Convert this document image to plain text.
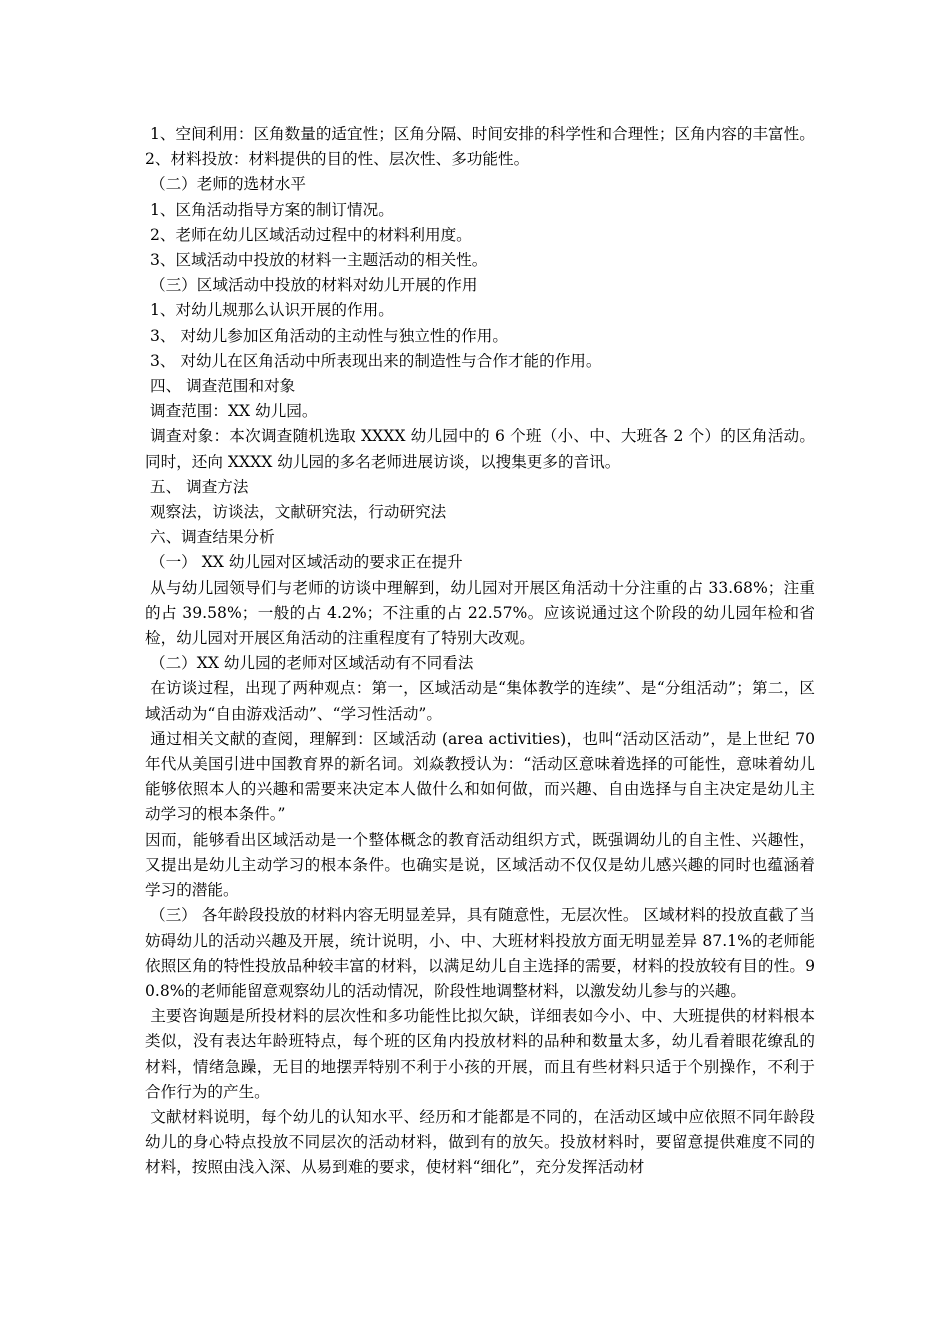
1、空间利用：区角数量的适宜性；区角分隔、时间安排的科学性和合理性；区角内容的丰富性。

2、材料投放：材料提供的目的性、层次性、多功能性。

（二）老师的选材水平

1、区角活动指导方案的制订情况。

2、老师在幼儿区域活动过程中的材料利用度。

3、区域活动中投放的材料一主题活动的相关性。

（三）区域活动中投放的材料对幼儿开展的作用

1、对幼儿规那么认识开展的作用。

3、 对幼儿参加区角活动的主动性与独立性的作用。

3、 对幼儿在区角活动中所表现出来的制造性与合作才能的作用。

四、 调查范围和对象

调查范围：XX 幼儿园。

调查对象：本次调查随机选取 XXXX 幼儿园中的 6 个班（小、中、大班各 2 个）的区角活动。同时，还向 XXXX 幼儿园的多名老师进展访谈，以搜集更多的音讯。

五、 调查方法

观察法，访谈法，文献研究法，行动研究法

六、调查结果分析

（一） XX 幼儿园对区域活动的要求正在提升

从与幼儿园领导们与老师的访谈中理解到，幼儿园对开展区角活动十分注重的占 33.68%；注重的占 39.58%；一般的占 4.2%；不注重的占 22.57%。应该说通过这个阶段的幼儿园年检和省检，幼儿园对开展区角活动的注重程度有了特别大改观。

（二）XX 幼儿园的老师对区域活动有不同看法

在访谈过程，出现了两种观点：第一，区域活动是“集体教学的连续”、是“分组活动”；第二，区域活动为“自由游戏活动”、“学习性活动”。

通过相关文献的查阅，理解到：区域活动 (area activities)，也叫“活动区活动”，是上世纪 70 年代从美国引进中国教育界的新名词。刘焱教授认为：“活动区意味着选择的可能性，意味着幼儿能够依照本人的兴趣和需要来决定本人做什么和如何做，而兴趣、自由选择与自主决定是幼儿主动学习的根本条件。”

因而，能够看出区域活动是一个整体概念的教育活动组织方式，既强调幼儿的自主性、兴趣性，又提出是幼儿主动学习的根本条件。也确实是说，区域活动不仅仅是幼儿感兴趣的同时也蕴涵着学习的潜能。

（三） 各年龄段投放的材料内容无明显差异，具有随意性，无层次性。 区域材料的投放直截了当妨碍幼儿的活动兴趣及开展，统计说明，小、中、大班材料投放方面无明显差异 87.1%的老师能依照区角的特性投放品种较丰富的材料，以满足幼儿自主选择的需要，材料的投放较有目的性。90.8%的老师能留意观察幼儿的活动情况，阶段性地调整材料，以激发幼儿参与的兴趣。

主要咨询题是所投材料的层次性和多功能性比拟欠缺，详细表如今小、中、大班提供的材料根本类似，没有表达年龄班特点，每个班的区角内投放材料的品种和数量太多，幼儿看着眼花缭乱的材料，情绪急躁，无目的地摆弄特别不利于小孩的开展，而且有些材料只适于个别操作，不利于合作行为的产生。

文献材料说明，每个幼儿的认知水平、经历和才能都是不同的，在活动区域中应依照不同年龄段幼儿的身心特点投放不同层次的活动材料，做到有的放矢。投放材料时，要留意提供难度不同的材料，按照由浅入深、从易到难的要求，使材料“细化”，充分发挥活动材
